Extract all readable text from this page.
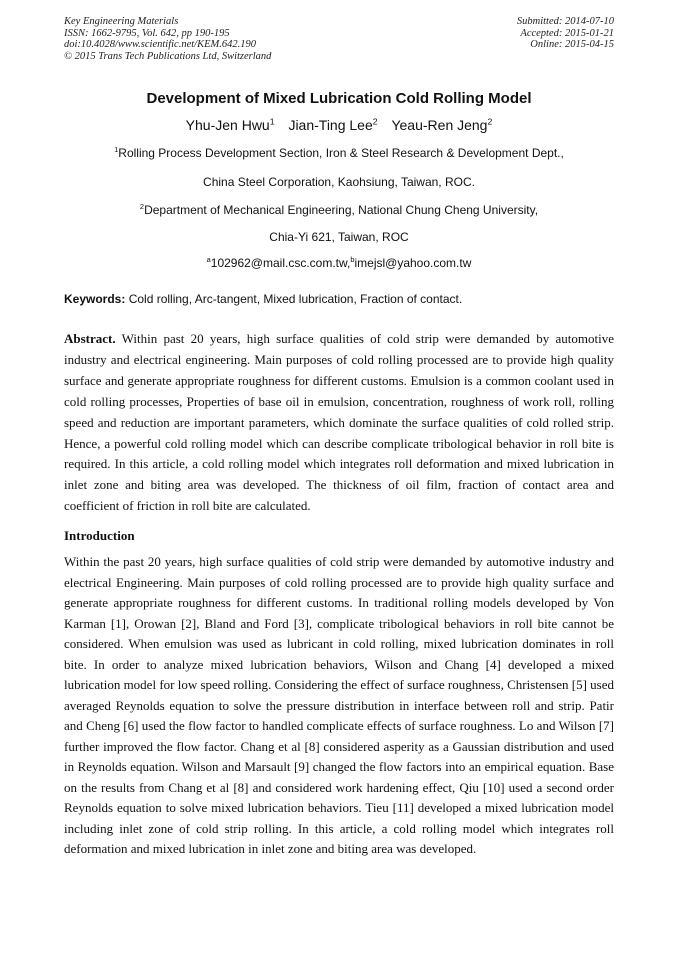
Key Engineering Materials
ISSN: 1662-9795, Vol. 642, pp 190-195
doi:10.4028/www.scientific.net/KEM.642.190
© 2015 Trans Tech Publications Ltd, Switzerland
Submitted: 2014-07-10
Accepted: 2015-01-21
Online: 2015-04-15
Development of Mixed Lubrication Cold Rolling Model
Yhu-Jen Hwu$^1$ Jian-Ting Lee$^2$ Yeau-Ren Jeng$^2$
$^1$Rolling Process Development Section, Iron & Steel Research & Development Dept.,
China Steel Corporation, Kaohsiung, Taiwan, ROC.
$^2$Department of Mechanical Engineering, National Chung Cheng University,
Chia-Yi 621, Taiwan, ROC
$^a$102962@mail.csc.com.tw,$^b$imejsl@yahoo.com.tw
Keywords: Cold rolling, Arc-tangent, Mixed lubrication, Fraction of contact.
Abstract. Within past 20 years, high surface qualities of cold strip were demanded by automotive industry and electrical engineering. Main purposes of cold rolling processed are to provide high quality surface and generate appropriate roughness for different customs. Emulsion is a common coolant used in cold rolling processes, Properties of base oil in emulsion, concentration, roughness of work roll, rolling speed and reduction are important parameters, which dominate the surface qualities of cold rolled strip. Hence, a powerful cold rolling model which can describe complicate tribological behavior in roll bite is required. In this article, a cold rolling model which integrates roll deformation and mixed lubrication in inlet zone and biting area was developed. The thickness of oil film, fraction of contact area and coefficient of friction in roll bite are calculated.
Introduction
Within the past 20 years, high surface qualities of cold strip were demanded by automotive industry and electrical Engineering. Main purposes of cold rolling processed are to provide high quality surface and generate appropriate roughness for different customs. In traditional rolling models developed by Von Karman [1], Orowan [2], Bland and Ford [3], complicate tribological behaviors in roll bite cannot be considered. When emulsion was used as lubricant in cold rolling, mixed lubrication dominates in roll bite. In order to analyze mixed lubrication behaviors, Wilson and Chang [4] developed a mixed lubrication model for low speed rolling. Considering the effect of surface roughness, Christensen [5] used averaged Reynolds equation to solve the pressure distribution in interface between roll and strip. Patir and Cheng [6] used the flow factor to handled complicate effects of surface roughness. Lo and Wilson [7] further improved the flow factor. Chang et al [8] considered asperity as a Gaussian distribution and used in Reynolds equation. Wilson and Marsault [9] changed the flow factors into an empirical equation. Base on the results from Chang et al [8] and considered work hardening effect, Qiu [10] used a second order Reynolds equation to solve mixed lubrication behaviors. Tieu [11] developed a mixed lubrication model including inlet zone of cold strip rolling. In this article, a cold rolling model which integrates roll deformation and mixed lubrication in inlet zone and biting area was developed.
